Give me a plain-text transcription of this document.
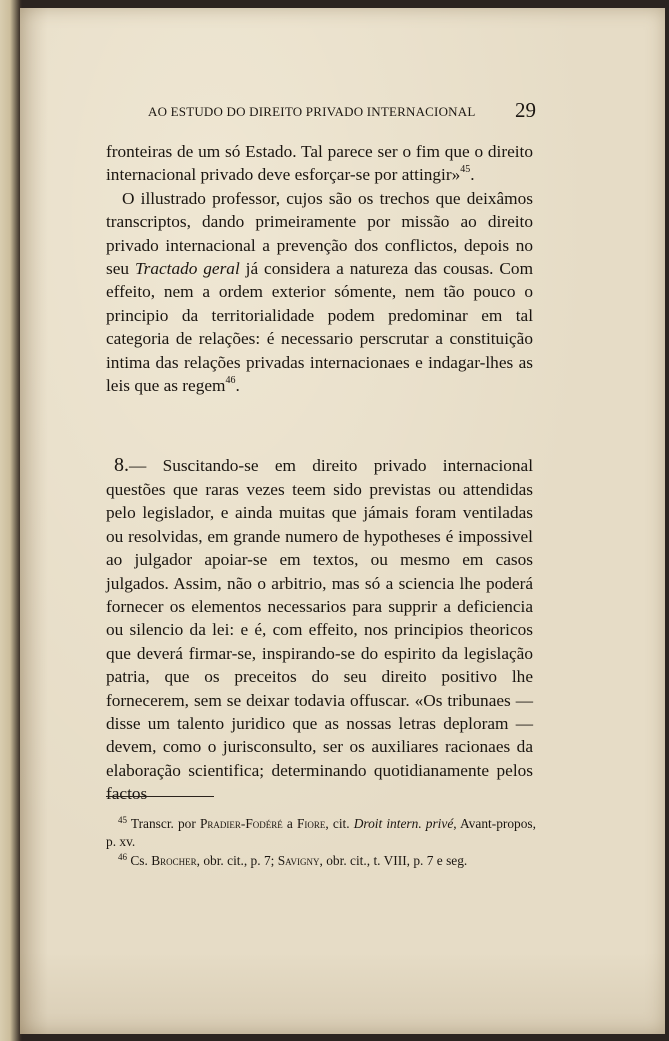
AO ESTUDO DO DIREITO PRIVADO INTERNACIONAL 29

fronteiras de um só Estado. Tal parece ser o fim que o direito internacional privado deve esforçar-se por attingir»$^{45}$.

O illustrado professor, cujos são os trechos que deixâmos transcriptos, dando primeiramente por missão ao direito privado internacional a prevenção dos conflictos, depois no seu Tractado geral já considera a natureza das cousas. Com effeito, nem a ordem exterior sómente, nem tão pouco o principio da territorialidade podem predominar em tal categoria de relações: é necessario perscrutar a constituição intima das relações privadas internacionaes e indagar-lhes as leis que as regem$^{46}$.

8.— Suscitando-se em direito privado internacional questões que raras vezes teem sido previstas ou attendidas pelo legislador, e ainda muitas que jámais foram ventiladas ou resolvidas, em grande numero de hypotheses é impossivel ao julgador apoiar-se em textos, ou mesmo em casos julgados. Assim, não o arbitrio, mas só a sciencia lhe poderá fornecer os elementos necessarios para supprir a deficiencia ou silencio da lei: e é, com effeito, nos principios theoricos que deverá firmar-se, inspirando-se do espirito da legislação patria, que os preceitos do seu direito positivo lhe fornecerem, sem se deixar todavia offuscar. «Os tribunaes — disse um talento juridico que as nossas letras deploram — devem, como o jurisconsulto, ser os auxiliares racionaes da elaboração scientifica; determinando quotidianamente pelos factos

$^{45}$ Transcr. por Pradier-Fodéré a Fiore, cit. Droit intern. privé, Avant-propos, p. xv.

$^{46}$ Cs. Brocher, obr. cit., p. 7; Savigny, obr. cit., t. VIII, p. 7 e seg.
